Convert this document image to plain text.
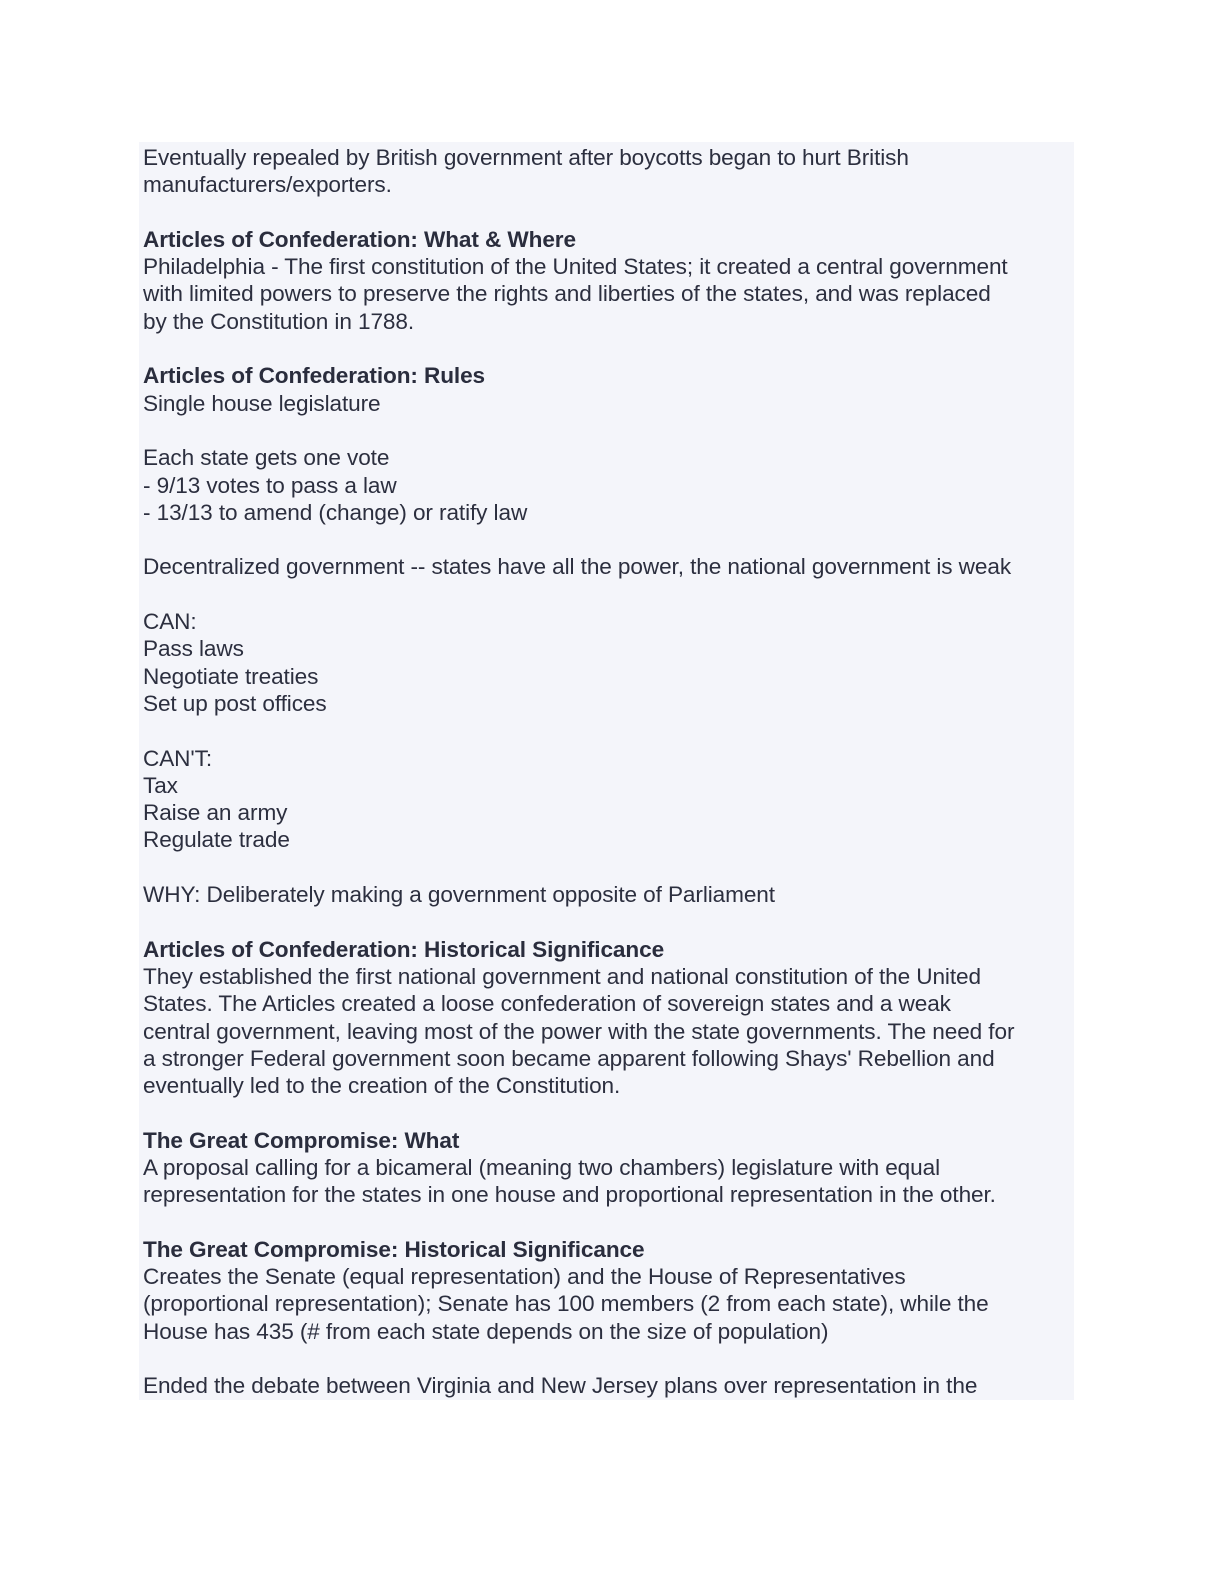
Eventually repealed by British government after boycotts began to hurt British
manufacturers/exporters.
Articles of Confederation: What & Where
Philadelphia - The first constitution of the United States; it created a central government
with limited powers to preserve the rights and liberties of the states, and was replaced
by the Constitution in 1788.
Articles of Confederation: Rules
Single house legislature
Each state gets one vote
- 9/13 votes to pass a law
- 13/13 to amend (change) or ratify law
Decentralized government -- states have all the power, the national government is weak
CAN:
Pass laws
Negotiate treaties
Set up post offices
CAN'T:
Tax
Raise an army
Regulate trade
WHY: Deliberately making a government opposite of Parliament
Articles of Confederation: Historical Significance
They established the first national government and national constitution of the United
States. The Articles created a loose confederation of sovereign states and a weak
central government, leaving most of the power with the state governments. The need for
a stronger Federal government soon became apparent following Shays' Rebellion and
eventually led to the creation of the Constitution.
The Great Compromise: What
A proposal calling for a bicameral (meaning two chambers) legislature with equal
representation for the states in one house and proportional representation in the other.
The Great Compromise: Historical Significance
Creates the Senate (equal representation) and the House of Representatives
(proportional representation); Senate has 100 members (2 from each state), while the
House has 435 (# from each state depends on the size of population)
Ended the debate between Virginia and New Jersey plans over representation in the
